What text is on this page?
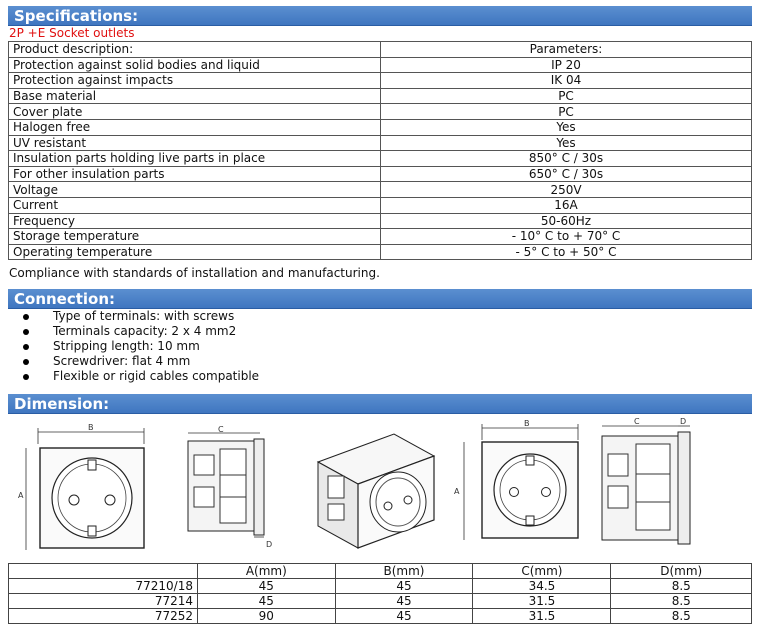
Specifications:
2P +E Socket outlets
Product description:	Parameters:
Protection against solid bodies and liquid	IP 20
Protection against impacts	IK 04
Base material	PC
Cover plate	PC
Halogen free	Yes
UV resistant	Yes
Insulation parts holding live parts in place	850° C / 30s
For other insulation parts	650° C / 30s
Voltage	250V
Current	16A
Frequency	50-60Hz
Storage temperature	- 10° C to + 70° C
Operating temperature	- 5° C to + 50° C
Compliance with standards of installation and manufacturing.
Connection:
Type of terminals: with screws
Terminals capacity: 2 x 4 mm2
Stripping length: 10 mm
Screwdriver: flat 4 mm
Flexible or rigid cables compatible
Dimension:
B
A
C
D
B
A
C	D
	A(mm)	B(mm)	C(mm)	D(mm)
77210/18	45	45	34.5	8.5
77214	45	45	31.5	8.5
77252	90	45	31.5	8.5
